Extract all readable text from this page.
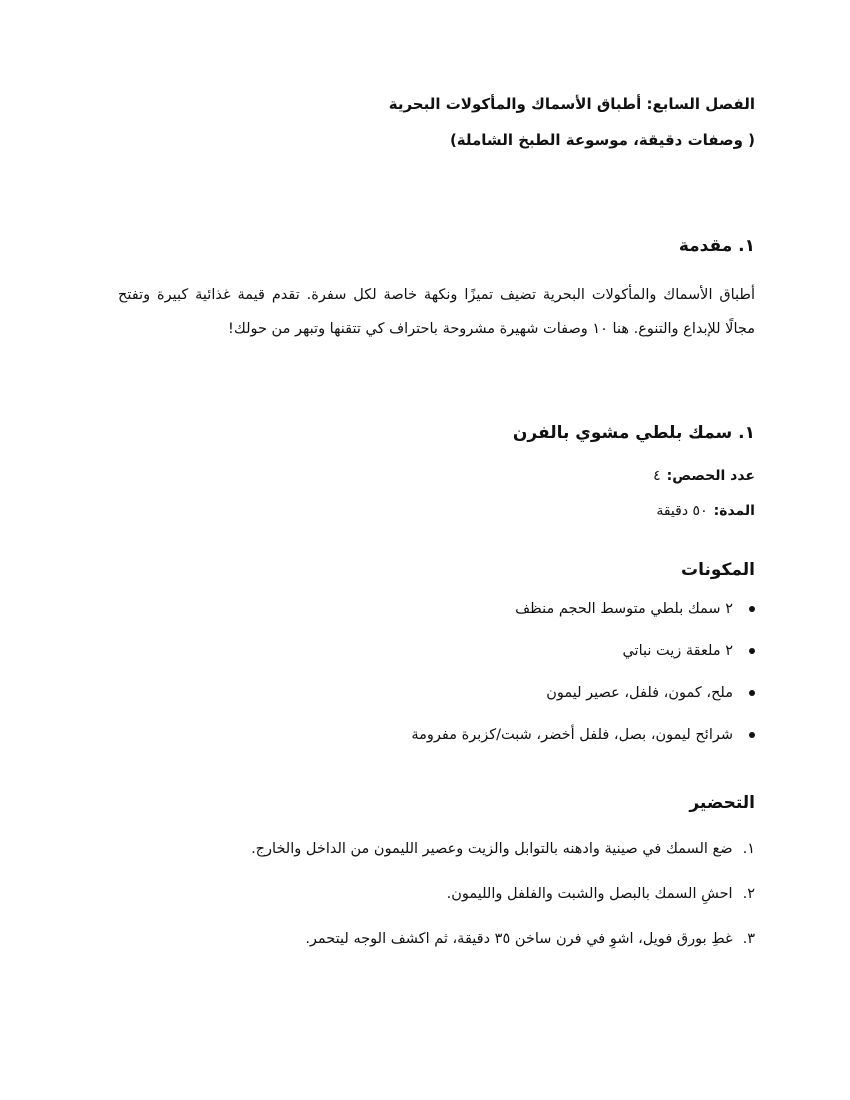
الفصل السابع: أطباق الأسماك والمأكولات البحرية

( وصفات دقيقة، موسوعة الطبخ الشاملة)

١. مقدمة

أطباق الأسماك والمأكولات البحرية تضيف تميزًا ونكهة خاصة لكل سفرة. تقدم قيمة غذائية كبيرة وتفتح مجالًا للإبداع والتنوع. هنا ١٠ وصفات شهيرة مشروحة باحتراف كي تتقنها وتبهر من حولك!

١. سمك بلطي مشوي بالفرن

عدد الحصص:٤

المدة:٥٠ دقيقة

المكونات
٢ سمك بلطي متوسط الحجم منظف
٢ ملعقة زيت نباتي
ملح، كمون، فلفل، عصير ليمون
شرائح ليمون، بصل، فلفل أخضر، شبت/كزبرة مفرومة
التحضير
١.ضع السمك في صينية وادهنه بالتوابل والزيت وعصير الليمون من الداخل والخارج.
٢.احشِ السمك بالبصل والشبت والفلفل والليمون.
٣.غطِ بورق فويل، اشوِ في فرن ساخن ٣٥ دقيقة، ثم اكشف الوجه ليتحمر.
